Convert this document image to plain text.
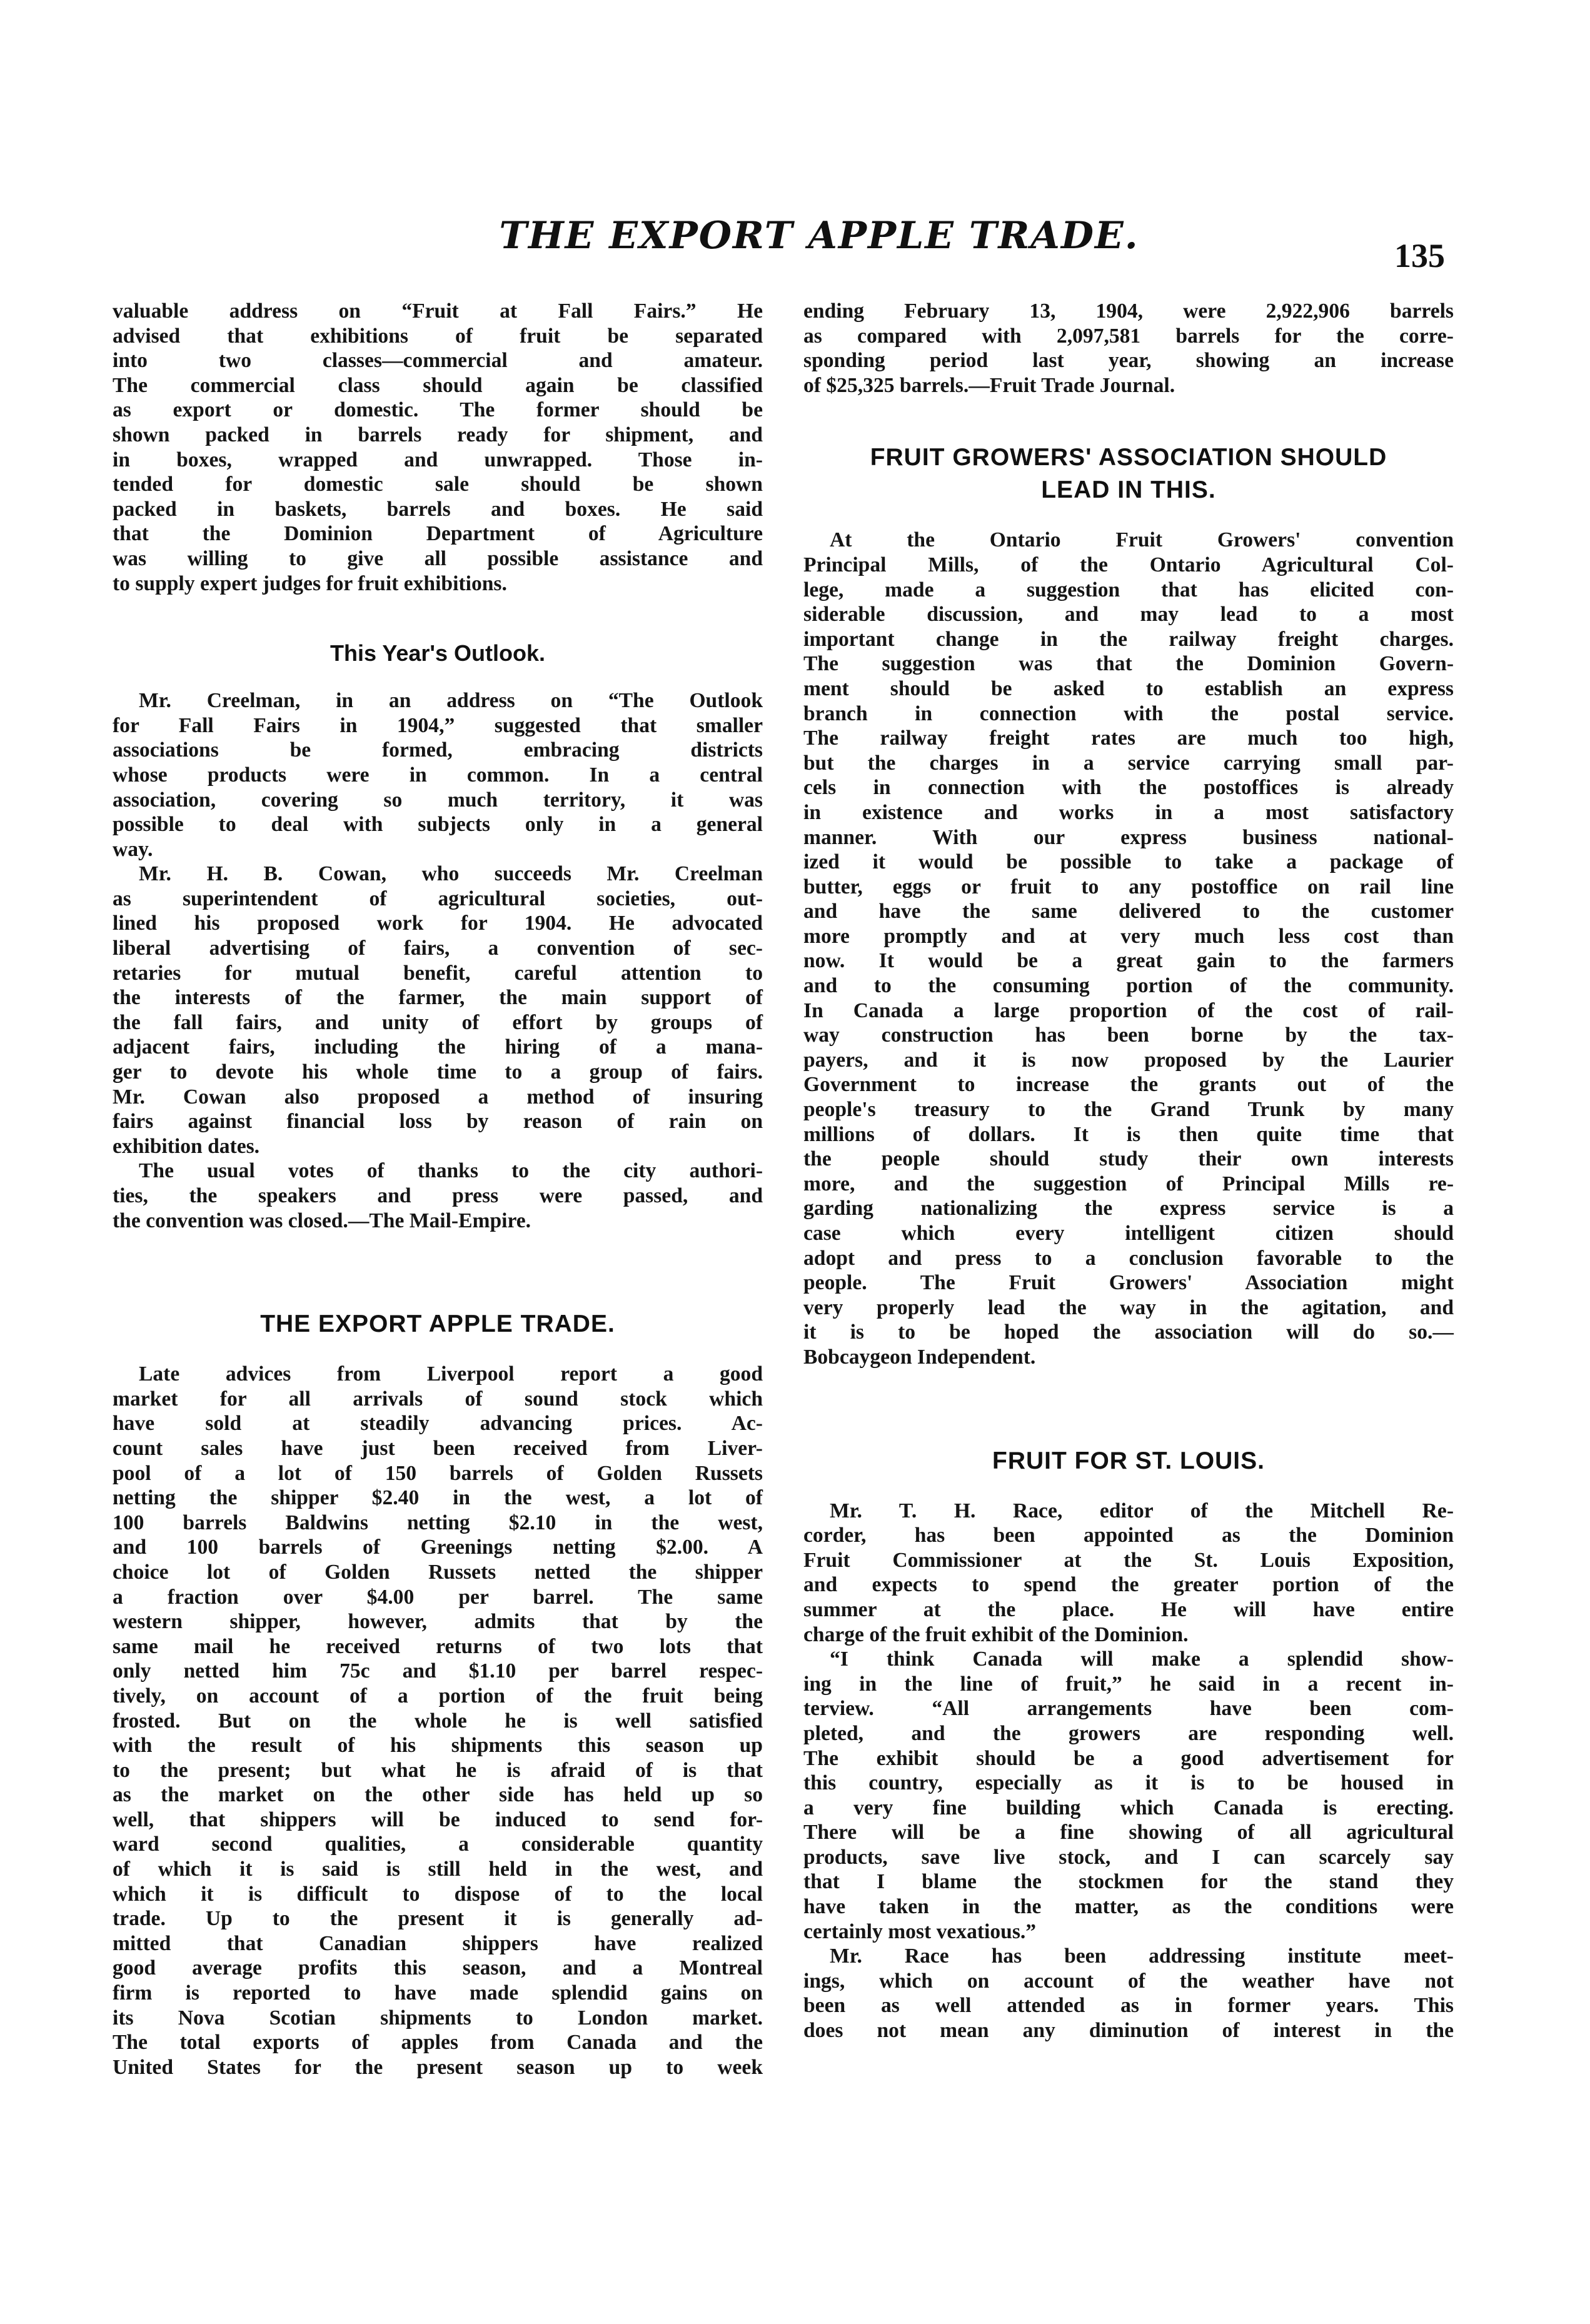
THE EXPORT APPLE TRADE.	135
valuable address on “Fruit at Fall Fairs.” He
advised that exhibitions of fruit be separated
into two classes—commercial and amateur.
The commercial class should again be classified
as export or domestic. The former should be
shown packed in barrels ready for shipment, and
in boxes, wrapped and unwrapped. Those in-
tended for domestic sale should be shown
packed in baskets, barrels and boxes. He said
that the Dominion Department of Agriculture
was willing to give all possible assistance and
to supply expert judges for fruit exhibitions.
This Year's Outlook.
Mr. Creelman, in an address on “The Outlook
for Fall Fairs in 1904,” suggested that smaller
associations be formed, embracing districts
whose products were in common. In a central
association, covering so much territory, it was
possible to deal with subjects only in a general
way.
Mr. H. B. Cowan, who succeeds Mr. Creelman
as superintendent of agricultural societies, out-
lined his proposed work for 1904. He advocated
liberal advertising of fairs, a convention of sec-
retaries for mutual benefit, careful attention to
the interests of the farmer, the main support of
the fall fairs, and unity of effort by groups of
adjacent fairs, including the hiring of a mana-
ger to devote his whole time to a group of fairs.
Mr. Cowan also proposed a method of insuring
fairs against financial loss by reason of rain on
exhibition dates.
The usual votes of thanks to the city authori-
ties, the speakers and press were passed, and
the convention was closed.—The Mail-Empire.
THE EXPORT APPLE TRADE.
Late advices from Liverpool report a good
market for all arrivals of sound stock which
have sold at steadily advancing prices. Ac-
count sales have just been received from Liver-
pool of a lot of 150 barrels of Golden Russets
netting the shipper $2.40 in the west, a lot of
100 barrels Baldwins netting $2.10 in the west,
and 100 barrels of Greenings netting $2.00. A
choice lot of Golden Russets netted the shipper
a fraction over $4.00 per barrel. The same
western shipper, however, admits that by the
same mail he received returns of two lots that
only netted him 75c and $1.10 per barrel respec-
tively, on account of a portion of the fruit being
frosted. But on the whole he is well satisfied
with the result of his shipments this season up
to the present; but what he is afraid of is that
as the market on the other side has held up so
well, that shippers will be induced to send for-
ward second qualities, a considerable quantity
of which it is said is still held in the west, and
which it is difficult to dispose of to the local
trade. Up to the present it is generally ad-
mitted that Canadian shippers have realized
good average profits this season, and a Montreal
firm is reported to have made splendid gains on
its Nova Scotian shipments to London market.
The total exports of apples from Canada and the
United States for the present season up to week
ending February 13, 1904, were 2,922,906 barrels
as compared with 2,097,581 barrels for the corre-
sponding period last year, showing an increase
of $25,325 barrels.—Fruit Trade Journal.
FRUIT GROWERS' ASSOCIATION SHOULD
LEAD IN THIS.
At the Ontario Fruit Growers' convention
Principal Mills, of the Ontario Agricultural Col-
lege, made a suggestion that has elicited con-
siderable discussion, and may lead to a most
important change in the railway freight charges.
The suggestion was that the Dominion Govern-
ment should be asked to establish an express
branch in connection with the postal service.
The railway freight rates are much too high,
but the charges in a service carrying small par-
cels in connection with the postoffices is already
in existence and works in a most satisfactory
manner. With our express business national-
ized it would be possible to take a package of
butter, eggs or fruit to any postoffice on rail line
and have the same delivered to the customer
more promptly and at very much less cost than
now. It would be a great gain to the farmers
and to the consuming portion of the community.
In Canada a large proportion of the cost of rail-
way construction has been borne by the tax-
payers, and it is now proposed by the Laurier
Government to increase the grants out of the
people's treasury to the Grand Trunk by many
millions of dollars. It is then quite time that
the people should study their own interests
more, and the suggestion of Principal Mills re-
garding nationalizing the express service is a
case which every intelligent citizen should
adopt and press to a conclusion favorable to the
people. The Fruit Growers' Association might
very properly lead the way in the agitation, and
it is to be hoped the association will do so.—
Bobcaygeon Independent.
FRUIT FOR ST. LOUIS.
Mr. T. H. Race, editor of the Mitchell Re-
corder, has been appointed as the Dominion
Fruit Commissioner at the St. Louis Exposition,
and expects to spend the greater portion of the
summer at the place. He will have entire
charge of the fruit exhibit of the Dominion.
“I think Canada will make a splendid show-
ing in the line of fruit,” he said in a recent in-
terview. “All arrangements have been com-
pleted, and the growers are responding well.
The exhibit should be a good advertisement for
this country, especially as it is to be housed in
a very fine building which Canada is erecting.
There will be a fine showing of all agricultural
products, save live stock, and I can scarcely say
that I blame the stockmen for the stand they
have taken in the matter, as the conditions were
certainly most vexatious.”
Mr. Race has been addressing institute meet-
ings, which on account of the weather have not
been as well attended as in former years. This
does not mean any diminution of interest in the
